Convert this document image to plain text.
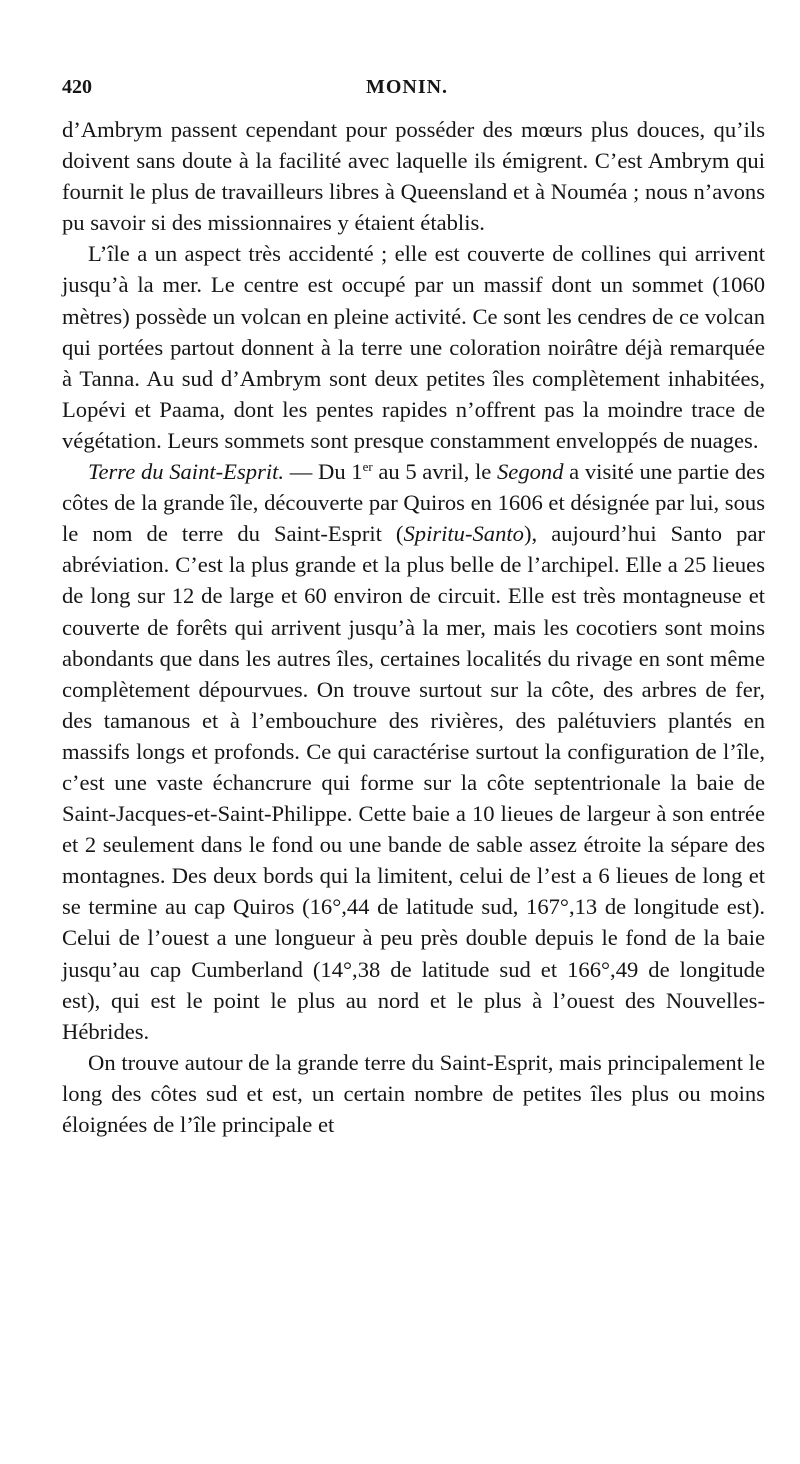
420	MONIN.

d’Ambrym passent cependant pour posséder des mœurs plus douces, qu’ils doivent sans doute à la facilité avec laquelle ils émigrent. C’est Ambrym qui fournit le plus de travailleurs libres à Queensland et à Nouméa ; nous n’avons pu savoir si des missionnaires y étaient établis.

L’île a un aspect très accidenté ; elle est couverte de collines qui arrivent jusqu’à la mer. Le centre est occupé par un massif dont un sommet (1060 mètres) possède un volcan en pleine activité. Ce sont les cendres de ce volcan qui portées partout donnent à la terre une coloration noirâtre déjà remarquée à Tanna. Au sud d’Ambrym sont deux petites îles complètement inhabitées, Lopévi et Paama, dont les pentes rapides n’offrent pas la moindre trace de végétation. Leurs sommets sont presque constamment enveloppés de nuages.

Terre du Saint-Esprit. — Du 1er au 5 avril, le Segond a visité une partie des côtes de la grande île, découverte par Quiros en 1606 et désignée par lui, sous le nom de terre du Saint-Esprit (Spiritu-Santo), aujourd’hui Santo par abréviation. C’est la plus grande et la plus belle de l’archipel. Elle a 25 lieues de long sur 12 de large et 60 environ de circuit. Elle est très montagneuse et couverte de forêts qui arrivent jusqu’à la mer, mais les cocotiers sont moins abondants que dans les autres îles, certaines localités du rivage en sont même complètement dépourvues. On trouve surtout sur la côte, des arbres de fer, des tamanous et à l’embouchure des rivières, des palétuviers plantés en massifs longs et profonds. Ce qui caractérise surtout la configuration de l’île, c’est une vaste échancrure qui forme sur la côte septentrionale la baie de Saint-Jacques-et-Saint-Philippe. Cette baie a 10 lieues de largeur à son entrée et 2 seulement dans le fond ou une bande de sable assez étroite la sépare des montagnes. Des deux bords qui la limitent, celui de l’est a 6 lieues de long et se termine au cap Quiros (16°,44 de latitude sud, 167°,13 de longitude est). Celui de l’ouest a une longueur à peu près double depuis le fond de la baie jusqu’au cap Cumberland (14°,38 de latitude sud et 166°,49 de longitude est), qui est le point le plus au nord et le plus à l’ouest des Nouvelles-Hébrides.

On trouve autour de la grande terre du Saint-Esprit, mais principalement le long des côtes sud et est, un certain nombre de petites îles plus ou moins éloignées de l’île principale et
